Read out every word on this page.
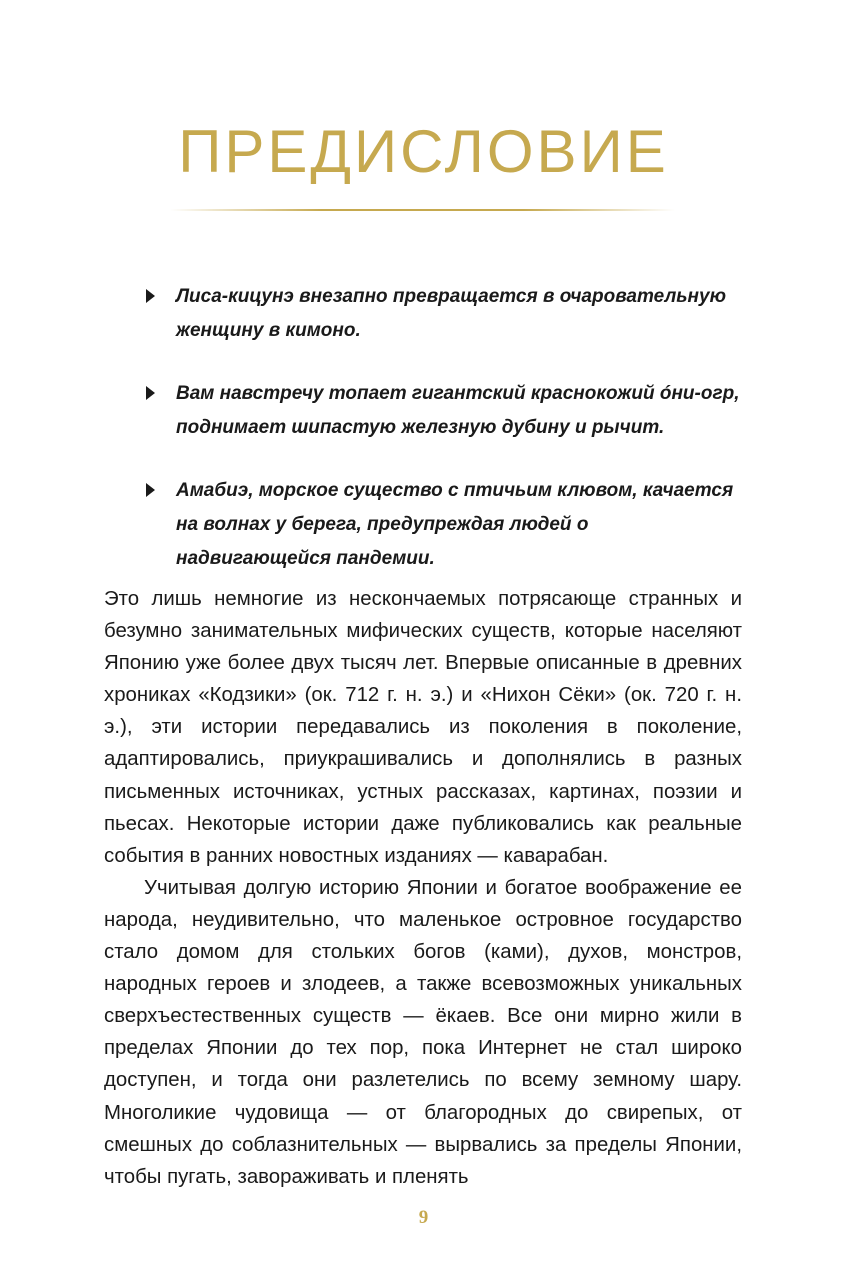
ПРЕДИСЛОВИЕ
Лиса-кицунэ внезапно превращается в очаровательную женщину в кимоно.
Вам навстречу топает гигантский краснокожий óни-огр, поднимает шипастую железную дубину и рычит.
Амабиэ, морское существо с птичьим клювом, качается на волнах у берега, предупреждая людей о надвигающейся пандемии.

Это лишь немногие из нескончаемых потрясающе странных и безумно занимательных мифических существ, которые населяют Японию уже более двух тысяч лет. Впервые описанные в древних хрониках «Кодзики» (ок. 712 г. н. э.) и «Нихон Сёки» (ок. 720 г. н. э.), эти истории передавались из поколения в поколение, адаптировались, приукрашивались и дополнялись в разных письменных источниках, устных рассказах, картинах, поэзии и пьесах. Некоторые истории даже публиковались как реальные события в ранних новостных изданиях — каварабан.

Учитывая долгую историю Японии и богатое воображение ее народа, неудивительно, что маленькое островное государство стало домом для стольких богов (ками), духов, монстров, народных героев и злодеев, а также всевозможных уникальных сверхъестественных существ — ёкаев. Все они мирно жили в пределах Японии до тех пор, пока Интернет не стал широко доступен, и тогда они разлетелись по всему земному шару. Многоликие чудовища — от благородных до свирепых, от смешных до соблазнительных — вырвались за пределы Японии, чтобы пугать, завораживать и пленять

9
